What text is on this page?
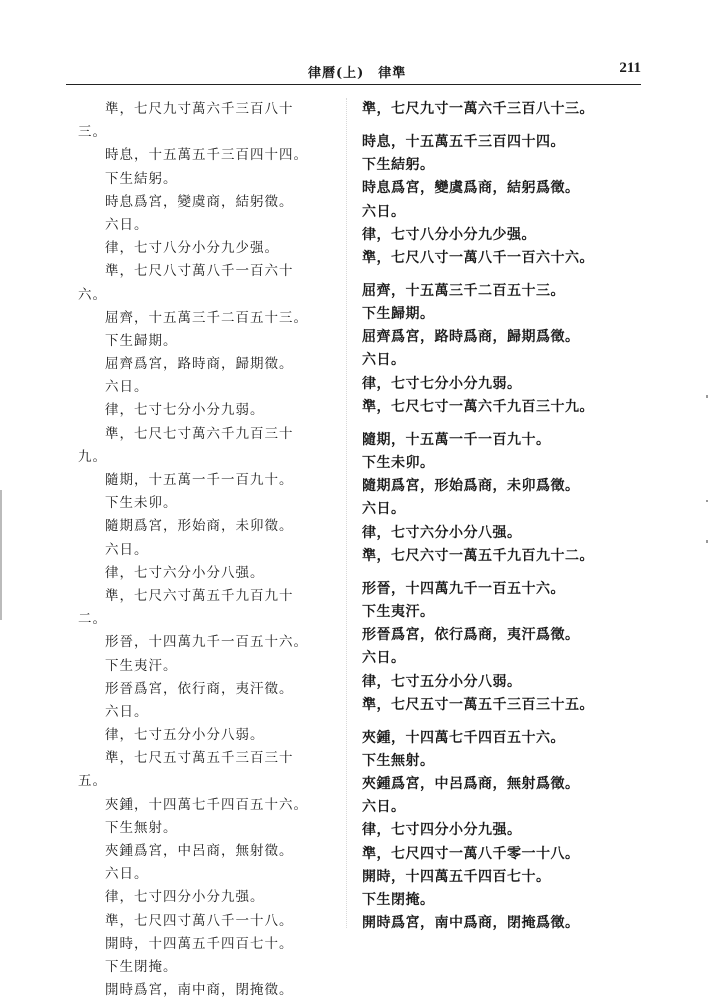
律曆(上)　律準	211
準，七尺九寸萬六千三百八十
三。
時息，十五萬五千三百四十四。
下生結躬。
時息爲宮，變虞商，結躬徵。
六日。
律，七寸八分小分九少强。
準，七尺八寸萬八千一百六十
六。
屈齊，十五萬三千二百五十三。
下生歸期。
屈齊爲宮，路時商，歸期徵。
六日。
律，七寸七分小分九弱。
準，七尺七寸萬六千九百三十
九。
隨期，十五萬一千一百九十。
下生未卯。
隨期爲宮，形始商，未卯徵。
六日。
律，七寸六分小分八强。
準，七尺六寸萬五千九百九十
二。
形晉，十四萬九千一百五十六。
下生夷汗。
形晉爲宮，依行商，夷汗徵。
六日。
律，七寸五分小分八弱。
準，七尺五寸萬五千三百三十
五。
夾鍾，十四萬七千四百五十六。
下生無射。
夾鍾爲宮，中呂商，無射徵。
六日。
律，七寸四分小分九强。
準，七尺四寸萬八千一十八。
開時，十四萬五千四百七十。
下生閉掩。
開時爲宮，南中商，閉掩徵。
準，七尺九寸一萬六千三百八十三。
時息，十五萬五千三百四十四。
下生結躬。
時息爲宮，變虞爲商，結躬爲徵。
六日。
律，七寸八分小分九少强。
準，七尺八寸一萬八千一百六十六。
屈齊，十五萬三千二百五十三。
下生歸期。
屈齊爲宮，路時爲商，歸期爲徵。
六日。
律，七寸七分小分九弱。
準，七尺七寸一萬六千九百三十九。
隨期，十五萬一千一百九十。
下生未卯。
隨期爲宮，形始爲商，未卯爲徵。
六日。
律，七寸六分小分八强。
準，七尺六寸一萬五千九百九十二。
形晉，十四萬九千一百五十六。
下生夷汗。
形晉爲宮，依行爲商，夷汗爲徵。
六日。
律，七寸五分小分八弱。
準，七尺五寸一萬五千三百三十五。
夾鍾，十四萬七千四百五十六。
下生無射。
夾鍾爲宮，中呂爲商，無射爲徵。
六日。
律，七寸四分小分九强。
準，七尺四寸一萬八千零一十八。
開時，十四萬五千四百七十。
下生閉掩。
開時爲宮，南中爲商，閉掩爲徵。
